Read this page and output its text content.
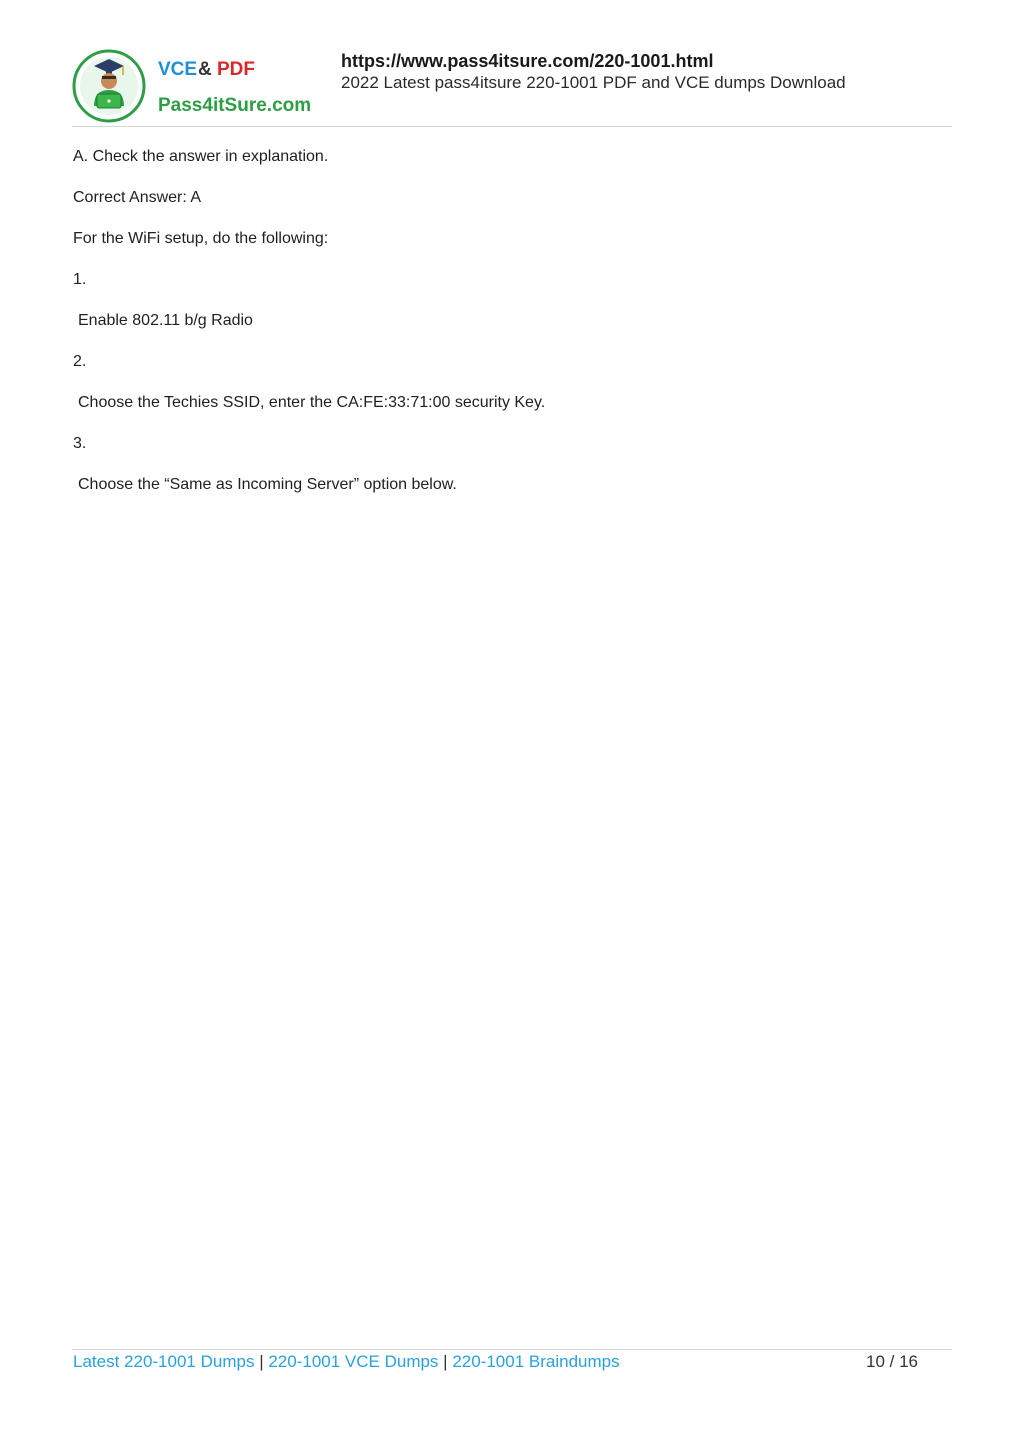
VCE & PDF
Pass4itSure.com
https://www.pass4itsure.com/220-1001.html
2022 Latest pass4itsure 220-1001 PDF and VCE dumps Download

A. Check the answer in explanation.

Correct Answer: A

For the WiFi setup, do the following:

1.

Enable 802.11 b/g Radio

2.

Choose the Techies SSID, enter the CA:FE:33:71:00 security Key.

3.

Choose the “Same as Incoming Server” option below.

Latest 220-1001 Dumps | 220-1001 VCE Dumps | 220-1001 Braindumps	10 / 16
